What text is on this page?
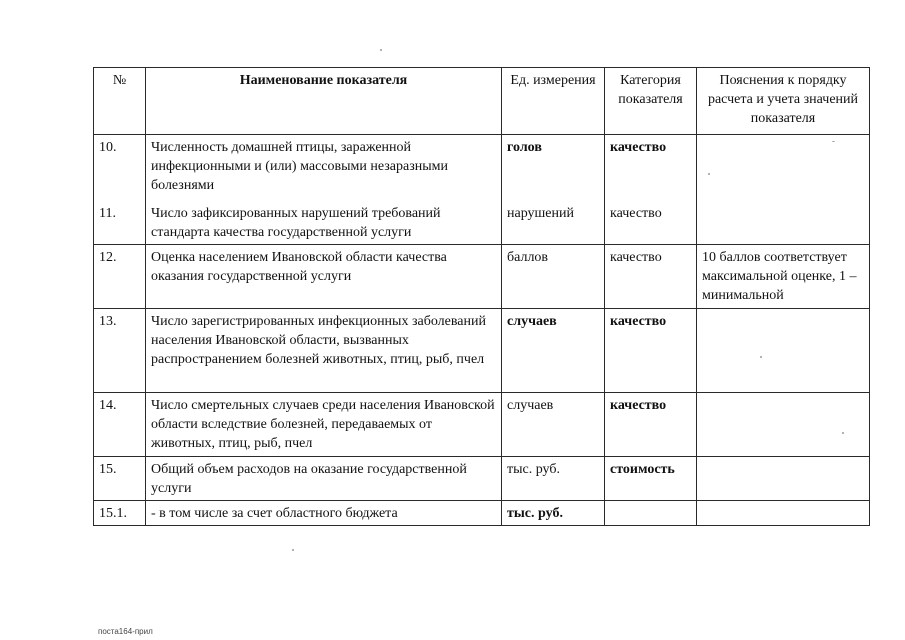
№	Наименование показателя	Ед. измерения	Категория показателя	Пояснения к порядку расчета и учета значений показателя
10.	Численность домашней птицы, зараженной инфекционными и (или) массовыми незаразными болезнями	голов	качество	
11.	Число зафиксированных нарушений требований стандарта качества государственной услуги	нарушений	качество	
12.	Оценка населением Ивановской области качества оказания государственной услуги	баллов	качество	10 баллов соответствует максимальной оценке, 1 – минимальной
13.	Число зарегистрированных инфекционных заболеваний населения Ивановской области, вызванных распространением болезней животных, птиц, рыб, пчел	случаев	качество	
14.	Число смертельных случаев среди населения Ивановской области вследствие болезней, передаваемых от животных, птиц, рыб, пчел	случаев	качество	
15.	Общий объем расходов на оказание государственной услуги	тыс. руб.	стоимость	
15.1.	- в том числе за счет областного бюджета	тыс. руб.		
поста164-прил
